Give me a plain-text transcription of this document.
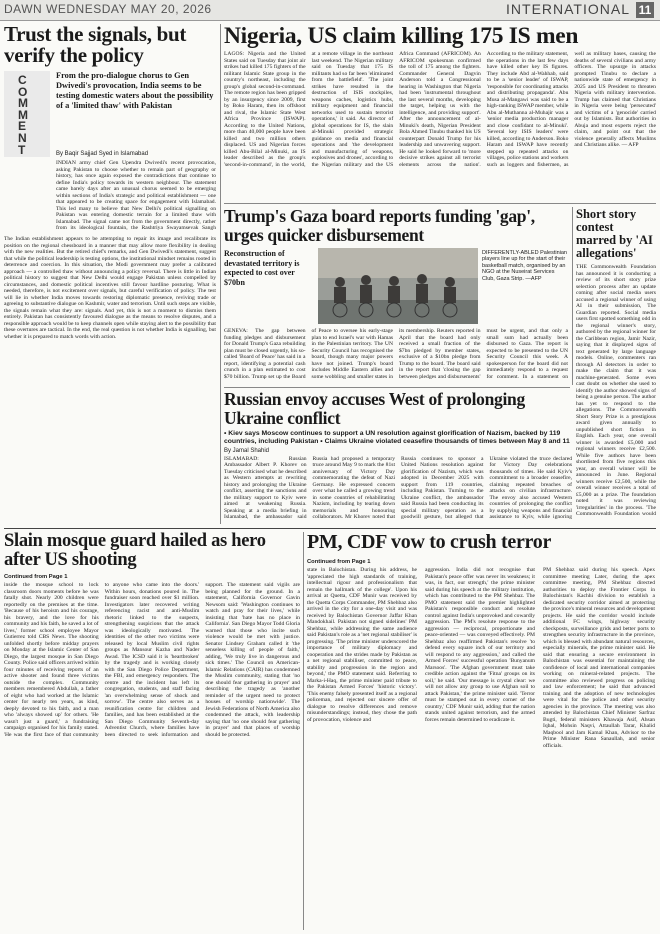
DAWN WEDNESDAY MAY 20, 2026	INTERNATIONAL 11
Trust the signals, but verify the policy
COMMENT

From the pro-dialogue chorus to Gen Dwivedi's provocation, India seems to be testing domestic waters about the possibility of a 'limited thaw' with Pakistan

By Baqir Sajjad Syed in Islamabad

INDIAN army chief Gen Upendra Dwivedi's recent provocation, asking Pakistan to choose whether to remain part of geography or history, has once again exposed the contradictions that continue to define India's policy towards its western neighbour. The statement came barely days after an unusual chorus seemed to be emerging within sections of India's strategic and political establishment — one that appeared to be creating space for engagement with Islamabad. This led many to believe that New Delhi's political signalling on Pakistan was entering domestic terrain for a limited thaw with Islamabad. The signal came not from the government directly, rather from its ideological fountain, the Rashtriya Swayamsevak Sangh

The Indian establishment appears to be attempting to repair its image and recalibrate its position on the regional chessboard in a manner that may allow more flexibility in dealing with the new realities. But the retired chief's remarks, and Gen Dwivedi's statement, suggest that while the political leadership is testing options, the institutional mindset remains rooted in deterrence and coercion. In this situation, the Modi government may prefer a calibrated approach — a controlled thaw without announcing a policy reversal. There is little in Indian political history to suggest that New Delhi would engage Pakistan unless compelled by circumstances, and domestic political incentives still favour hardline posturing. What is needed, therefore, is not excitement over signals, but careful verification of policy. The test will lie in whether India moves towards restoring diplomatic presence, reviving trade or agreeing to substantive dialogue on Kashmir, water and terrorism. Until such steps are visible, the signals remain what they are: signals. And yet, this is not a moment to dismiss them entirely. Pakistan has consistently favoured dialogue as the means to resolve disputes, and a responsible approach would be to keep channels open while staying alert to the possibility that these overtures are tactical. In the end, the real question is not whether India is signalling, but whether it is prepared to match words with action.

Nigeria, US claim killing 175 IS men

LAGOS: Nigeria and the United States said on Tuesday that joint air strikes had killed 175 fighters of the militant Islamic State group in the country's northeast, including the group's global second-in-command. The remote region has been gripped by an insurgency since 2009, first by Boko Haram, then its offshoot and rival, the Islamic State West Africa Province (ISWAP). According to the United Nations, more than 40,000 people have been killed and two million others displaced. US and Nigerian forces killed Abu-Bilal al-Minuki, an IS leader described as the group's 'second-in-command', in the world, at a remote village in the northeast last weekend. The Nigerian military said on Tuesday that 175 IS militants had so far been 'eliminated from the battlefield'. 'The joint strikes have resulted in the destruction of ISIS stockpiles, weapons caches, logistics hubs, military equipment and financial networks used to sustain terrorist operations,' it said. As director of global operations for IS, the slain al-Minuki provided strategic guidance on media and financial operations and 'the development and manufacturing of weapons, explosives and drones', according to the Nigerian military and the US Africa Command (AFRICOM). An AFRICOM spokesman confirmed the toll of 175 among the fighters. Commander General Dagvin Anderson told a Congressional hearing in Washington that Nigeria had been 'instrumental throughout the last several months, developing the target, helping us with the intelligence, and providing support'. After the announcement of al-Minuki's death, Nigerian President Bola Ahmed Tinubu thanked his US counterpart Donald Trump for his leadership and unwavering support. He said he looked forward to 'more decisive strikes against all terrorist elements across the nation'. According to the military statement, the operations in the last few days have killed other key IS figures. They include Abd al-Wahhab, said to be a 'senior leader' of ISWAP, 'responsible for coordinating attacks and distributing propaganda'. Abu Musa al-Mangawi was said to be a high-ranking ISWAP member, while Abu al-Muthanna al-Muhajir was a 'senior media production manager and close confidant to al-Minuki'. 'Several key ISIS leaders' were killed, according to Anderson. Boko Haram and ISWAP have recently stepped up repeated attacks on villages, police stations and workers such as loggers and fishermen, as well as military bases, causing the deaths of several civilians and army officers. The upsurge in attacks prompted Tinubu to declare a nationwide state of emergency in 2025 and US President to threaten Nigeria with military intervention. Trump has claimed that Christians in Nigeria were being 'persecuted' and victims of a 'genocide' carried out by Islamists. But authorities in Abuja and most experts reject the claim, and point out that the violence generally affects Muslims and Christians alike. — AFP

Trump's Gaza board reports funding 'gap', urges quicker disbursement

Reconstruction of devastated territory is expected to cost over $70bn

DIFFERENTLY-ABLED Palestinian players line up for the start of their basketball match, organised by an NGO at the Nuseirat Services Club, Gaza Strip. —AFP

GENEVA: The gap between funding pledges and disbursement for Donald Trump's Gaza rebuilding plan must be closed urgently, his so-called 'Board of Peace' has said in a report, identifying a potential cash crunch in a plan estimated to cost $70 billion. Trump set up the Board of Peace to oversee his early-stage plan to end Israel's war with Hamas in the Palestinian territory. The UN Security Council has recognised the board, though many major powers have not joined. Trump's board includes Middle Eastern allies and some wobbling and smaller states in its membership. Reuters reported in April that the board had only received a small fraction of the $7bn pledged by member states, exclusive of a $10bn pledge from Trump to the board. The board said in the report that 'closing the gap between pledges and disbursements' must be urgent, and that only a small sum had actually been disbursed to Gaza. The report is expected to be presented to the UN Security Council this week. A spokesperson for the board did not immediately respond to a request for comment. In a statement on

Short story contest marred by 'AI allegations'

THE Commonwealth Foundation has announced it is conducting a review of its short story prize selection process after an update coming after social media users accused a regional winner of using AI in their submission, The Guardian reported. Social media users first spotted something odd in the regional winner's story, authored by the regional winner for the Caribbean region, Jamir Nazir, saying that it displayed signs of text generated by large language models. Online, commenters ran through AI detectors in order to make the claim that it was machine-generated. Some even cast doubt on whether she used to identify the author showed signs of being a genuine person. The author has yet to respond to the allegations. The Commonwealth Short Story Prize is a prestigious award given annually to unpublished short fiction in English. Each year, one overall winner is awarded £5,000 and regional winners receive £2,500. While five authors have been shortlisted from five regions this year, an overall winner will be announced in June. Regional winners receive £2,500, while the overall winner receives a total of £5,000 as a prize. The foundation noted it was reviewing 'irregularities' in the process. 'The Commonwealth Foundation would

Russian envoy accuses West of prolonging Ukraine conflict

• Kiev says Moscow continues to support a UN resolution against glorification of Nazism, backed by 119 countries, including Pakistan • Claims Ukraine violated ceasefire thousands of times between May 8 and 11

By Jamal Shahid

ISLAMABAD: Russian Ambassador Albert P. Khorev on Tuesday criticised what he described as Western attempts at rewriting history and prolonging the Ukraine conflict, asserting the sanctions and the military support to Kyiv were aimed at weakening Russia. Speaking at a media briefing in Islamabad, the ambassador said Russia had proposed a temporary truce around May 9 to mark the 81st anniversary of Victory Day commemorating the defeat of Nazi Germany. He expressed concern over what he called a growing trend in some countries of rehabilitating Nazism, including by tearing down memorials and honouring collaborators. Mr Khorev noted that Russia continues to sponsor a United Nations resolution against glorification of Nazism, which was adopted in December 2025 with support from 119 countries, including Pakistan. Turning to the Ukraine conflict, the ambassador said Russia had been conducting its special military operation as a goodwill gesture, but alleged that Ukraine violated the truce declared for Victory Day celebrations thousands of times. He said Kyiv's commitment to a broader ceasefire, claiming repeated breaches of attacks on civilian infrastructure. The envoy also accused Western countries of prolonging the conflict by supplying weapons and financial assistance to Kyiv, while ignoring

Slain mosque guard hailed as hero after US shooting

Continued from Page 1

inside the mosque school to lock classroom doors moments before he was fatally shot. Nearly 200 children were reportedly on the premises at the time. 'Because of his heroism and his courage, his bravery, and the love for his community and his faith, he saved a lot of lives,' former school employee Mayor Gutierrez told CBS News. The shooting unfolded shortly before midday prayers on Monday at the Islamic Center of San Diego, the largest mosque in San Diego County. Police said officers arrived within four minutes of receiving reports of an active shooter and found three victims outside the complex. Community members remembered Abdullah, a father of eight who had worked at the Islamic center for nearly ten years, as kind, deeply devoted to his faith, and a man who 'always showed up' for others. 'He wasn't just a guard,' a fundraising campaign organised for his family stated. 'He was the first face of that community to anyone who came into the doors.' Within hours, donations poured in. The fundraiser soon reached over $1 million. Investigators later recovered writing referencing racist and anti-Muslim rhetoric linked to the suspects, strengthening suspicions that the attack was ideologically motivated. The identities of the other two victims were released by local Muslim civil rights groups as Mansour Kazha and Nader Awad. The ICSD said it is 'heartbroken' by the tragedy and is working closely with the San Diego Police Department, the FBI, and emergency responders. The centre and the incident has left its congregation, students, and staff facing 'an overwhelming sense of shock and sorrow'. The centre also serves as a reunification centre for children and families, and has been established at the San Diego Community Seventh-day Adventist Church, where families have been directed to seek information and support. The statement said vigils are being planned for the ground. In a statement, California Governor Gavin Newsom said: 'Washington continues to watch and pray for their lives,' while insisting that 'hate has no place in California'. San Diego Mayor Todd Gloria warned that those who incite such violence would be met with justice. Senator Lindsey Graham called it 'the senseless killing of people of faith,' adding, 'We truly live in dangerous and sick times.' The Council on American-Islamic Relations (CAIR) has condemned the Muslim community, stating that 'no one should fear gathering in prayer' and describing the tragedy as 'another reminder of the urgent need to protect houses of worship nationwide'. The Jewish Federations of North America also condemned the attack, with leadership saying that 'no one should fear gathering in prayer' and that places of worship should be protected.

PM, CDF vow to crush terror

Continued from Page 1

state in Balochistan. During his address, he 'appreciated the high standards of training, intellectual rigour and professionalism that remain the hallmark of the college'. Upon his arrival at Quetta, CDF Munir was received by the Quetta Corps Commander, PM Shehbaz also arrived in the city for a one-day visit and was received by Balochistan Governor Jaffar Khan Mandokhail. Pakistan not signed sidelines' PM Shehbaz, while addressing the same audience said Pakistan's role as a 'net regional stabiliser' is progressing. 'The prime minister underscored the importance of military diplomacy and cooperation and the strides made by Pakistan as a net regional stabiliser, committed to peace, stability and progression in the region and beyond,' the PMO statement said. Referring to Marka-i-Haq, the prime minister paid tribute to the Pakistan Armed Forces' 'historic victory'. 'This enemy falsely presented itself as a regional policeman, and rejected our sincere offer of dialogue to resolve differences and remove misunderstandings; instead, they chose the path of provocation, violence and

aggression. India did not recognise that Pakistan's peace offer was never its weakness; it was, in fact, our strength,' the prime minister said during his speech at the military institution, which has contributed to the PM Shehbaz. The PMO statement said the premier highlighted Pakistan's responsible conduct and resolute control against India's unprovoked and cowardly aggression. The PM's resolute response to the aggression — reciprocal, proportionate and peace-oriented — was conveyed effectively. PM Shehbaz also reaffirmed Pakistan's resolve 'to defend every square inch of our territory and will respond to any aggression,' and called the Armed Forces' successful operation 'Bunyanum Marsoos'. 'The Afghan government must take credible action against the 'Fitna' groups on its soil,' he said. 'Our message is crystal clear: we will not allow any group to use Afghan soil to attack Pakistan,' the prime minister said. 'Terror must be stamped out in every corner of the country,' CDF Munir said, adding that the nation stands united against terrorism, and the armed forces remain determined to eradicate it.

PM Shehbaz said during his speech. Apex committee meeting Later, during the apex committee meeting, PM Shehbaz directed authorities to deploy the Frontier Corps in Balochistan's Kachhi division to establish a dedicated security corridor aimed at protecting the province's mineral resources and development projects. He said the corridor would include additional FC wings, highway security checkposts, surveillance grids and better ports to strengthen security infrastructure in the province, which is blessed with abundant natural resources, especially minerals, the prime minister said. He said that ensuring a secure environment in Balochistan was essential for maintaining the confidence of local and international companies working on mineral-related projects. The committee also reviewed progress on policing and law enforcement; he said that advanced training and the adoption of new technologies were vital for the police and other security agencies in the province. The meeting was also attended by Balochistan Chief Minister Sarfraz Bugti, federal ministers Khawaja Asif, Ahsan Iqbal, Mohsin Naqvi, Attaullah Tarar, Khalid Maqbool and Jam Kamal Khan, Advisor to the Prime Minister Rana Sanaullah, and senior officials.
